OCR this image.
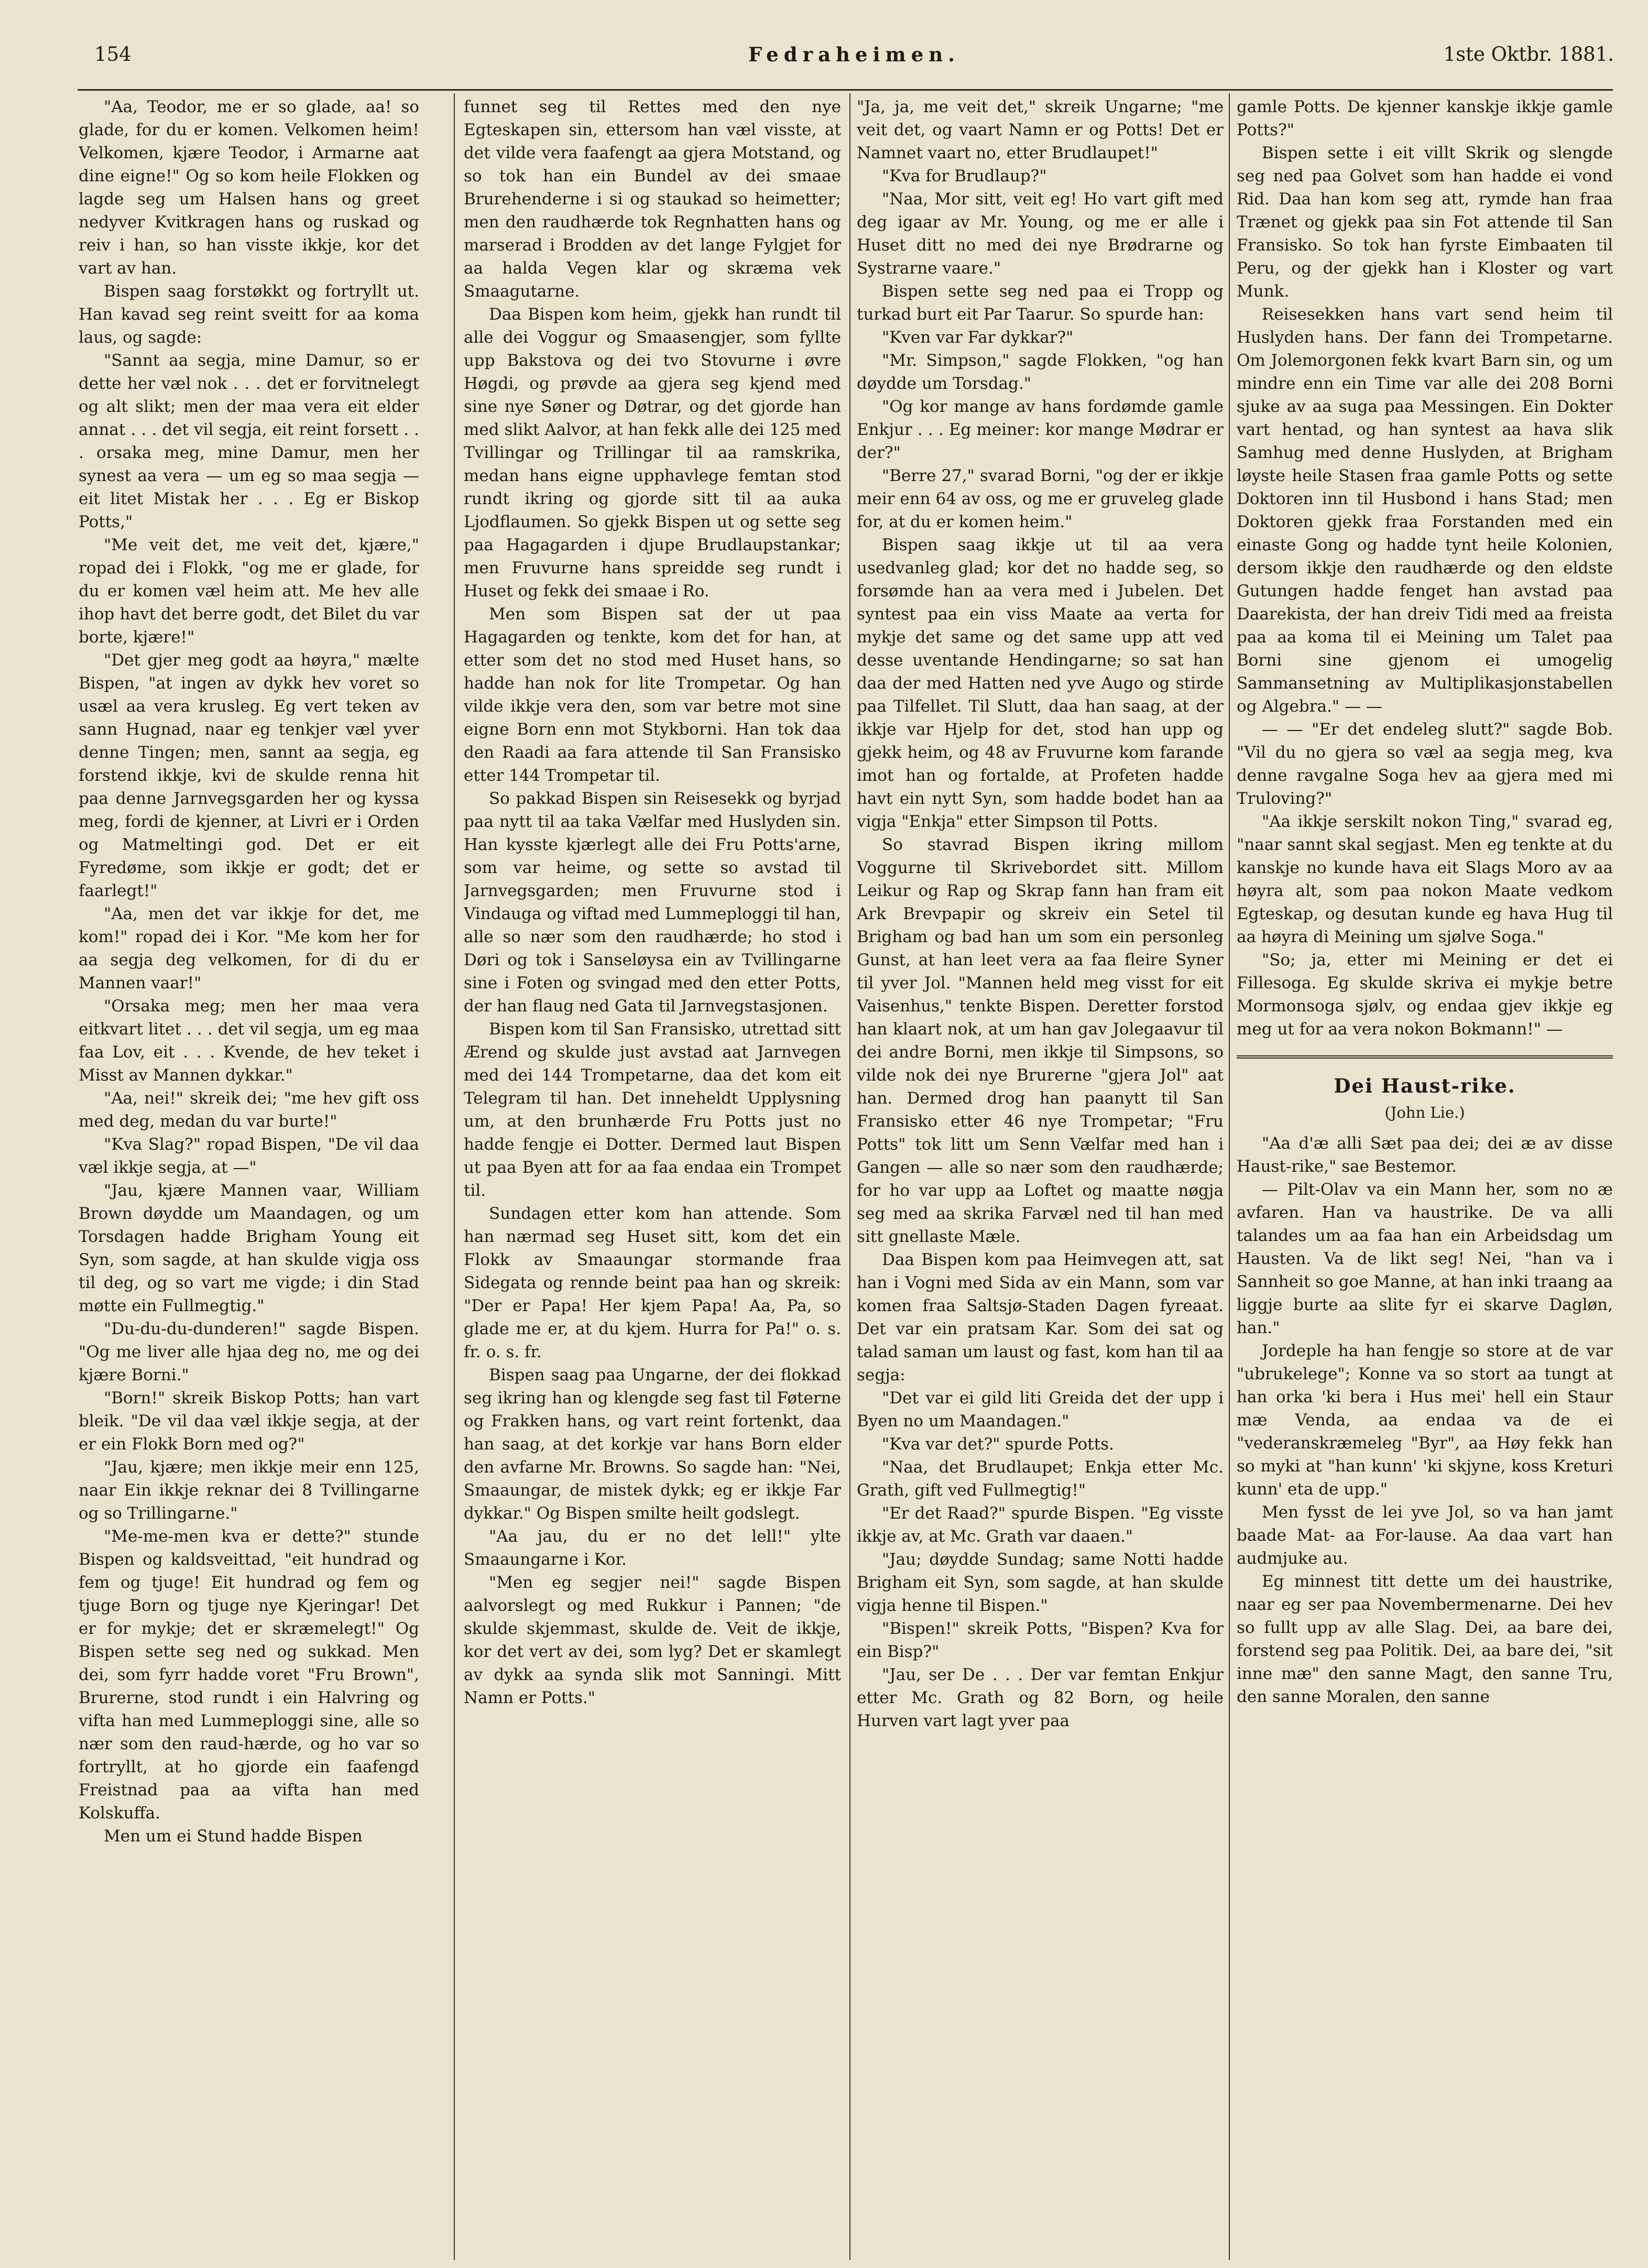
154	Fedraheimen.	1ste Oktbr. 1881.

"Aa, Teodor, me er so glade, aa! so glade, for du er komen. Velkomen heim! Velkomen, kjære Teodor, i Armarne aat dine eigne!" Og so kom heile Flokken og lagde seg um Halsen hans og greet nedyver Kvitkragen hans og ruskad og reiv i han, so han visste ikkje, kor det vart av han.

Bispen saag forstøkkt og fortryllt ut. Han kavad seg reint sveitt for aa koma laus, og sagde:

"Sannt aa segja, mine Damur, so er dette her væl nok . . . det er forvitnelegt og alt slikt; men der maa vera eit elder annat . . . det vil segja, eit reint forsett . . . orsaka meg, mine Damur, men her synest aa vera — um eg so maa segja — eit litet Mistak her . . . Eg er Biskop Potts,"

"Me veit det, me veit det, kjære," ropad dei i Flokk, "og me er glade, for du er komen væl heim att. Me hev alle ihop havt det berre godt, det Bilet du var borte, kjære!"

"Det gjer meg godt aa høyra," mælte Bispen, "at ingen av dykk hev voret so usæl aa vera krusleg. Eg vert teken av sann Hugnad, naar eg tenkjer væl yver denne Tingen; men, sannt aa segja, eg forstend ikkje, kvi de skulde renna hit paa denne Jarnvegsgarden her og kyssa meg, fordi de kjenner, at Livri er i Orden og Matmeltingi god. Det er eit Fyredøme, som ikkje er godt; det er faarlegt!"

"Aa, men det var ikkje for det, me kom!" ropad dei i Kor. "Me kom her for aa segja deg velkomen, for di du er Mannen vaar!"

"Orsaka meg; men her maa vera eitkvart litet . . . det vil segja, um eg maa faa Lov, eit . . . Kvende, de hev teket i Misst av Mannen dykkar."

"Aa, nei!" skreik dei; "me hev gift oss med deg, medan du var burte!"

"Kva Slag?" ropad Bispen, "De vil daa væl ikkje segja, at —"

"Jau, kjære Mannen vaar, William Brown døydde um Maandagen, og um Torsdagen hadde Brigham Young eit Syn, som sagde, at han skulde vigja oss til deg, og so vart me vigde; i din Stad møtte ein Fullmegtig."

"Du-du-du-dunderen!" sagde Bispen. "Og me liver alle hjaa deg no, me og dei kjære Borni."

"Born!" skreik Biskop Potts; han vart bleik. "De vil daa væl ikkje segja, at der er ein Flokk Born med og?"

"Jau, kjære; men ikkje meir enn 125, naar Ein ikkje reknar dei 8 Tvillingarne og so Trillingarne."

"Me-me-men kva er dette?" stunde Bispen og kaldsveittad, "eit hundrad og fem og tjuge! Eit hundrad og fem og tjuge Born og tjuge nye Kjeringar! Det er for mykje; det er skræmelegt!" Og Bispen sette seg ned og sukkad. Men dei, som fyrr hadde voret "Fru Brown", Brurerne, stod rundt i ein Halvring og vifta han med Lummeploggi sine, alle so nær som den raud-hærde, og ho var so fortryllt, at ho gjorde ein faafengd Freistnad paa aa vifta han med Kolskuffa.

Men um ei Stund hadde Bispen

funnet seg til Rettes med den nye Egteskapen sin, ettersom han væl visste, at det vilde vera faafengt aa gjera Motstand, og so tok han ein Bundel av dei smaae Brurehenderne i si og staukad so heimetter; men den raudhærde tok Regnhatten hans og marserad i Brodden av det lange Fylgjet for aa halda Vegen klar og skræma vek Smaagutarne.

Daa Bispen kom heim, gjekk han rundt til alle dei Voggur og Smaasengjer, som fyllte upp Bakstova og dei tvo Stovurne i øvre Høgdi, og prøvde aa gjera seg kjend med sine nye Søner og Døtrar, og det gjorde han med slikt Aalvor, at han fekk alle dei 125 med Tvillingar og Trillingar til aa ramskrika, medan hans eigne upphavlege femtan stod rundt ikring og gjorde sitt til aa auka Ljodflaumen. So gjekk Bispen ut og sette seg paa Hagagarden i djupe Brudlaupstankar; men Fruvurne hans spreidde seg rundt i Huset og fekk dei smaae i Ro.

Men som Bispen sat der ut paa Hagagarden og tenkte, kom det for han, at etter som det no stod med Huset hans, so hadde han nok for lite Trompetar. Og han vilde ikkje vera den, som var betre mot sine eigne Born enn mot Stykborni. Han tok daa den Raadi aa fara attende til San Fransisko etter 144 Trompetar til.

So pakkad Bispen sin Reisesekk og byrjad paa nytt til aa taka Vælfar med Huslyden sin. Han kysste kjærlegt alle dei Fru Potts'arne, som var heime, og sette so avstad til Jarnvegsgarden; men Fruvurne stod i Vindauga og viftad med Lummeploggi til han, alle so nær som den raudhærde; ho stod i Døri og tok i Sanseløysa ein av Tvillingarne sine i Foten og svingad med den etter Potts, der han flaug ned Gata til Jarnvegstasjonen.

Bispen kom til San Fransisko, utrettad sitt Ærend og skulde just avstad aat Jarnvegen med dei 144 Trompetarne, daa det kom eit Telegram til han. Det inneheldt Upplysning um, at den brunhærde Fru Potts just no hadde fengje ei Dotter. Dermed laut Bispen ut paa Byen att for aa faa endaa ein Trompet til.

Sundagen etter kom han attende. Som han nærmad seg Huset sitt, kom det ein Flokk av Smaaungar stormande fraa Sidegata og rennde beint paa han og skreik: "Der er Papa! Her kjem Papa! Aa, Pa, so glade me er, at du kjem. Hurra for Pa!" o. s. fr. o. s. fr.

Bispen saag paa Ungarne, der dei flokkad seg ikring han og klengde seg fast til Føterne og Frakken hans, og vart reint fortenkt, daa han saag, at det korkje var hans Born elder den avfarne Mr. Browns. So sagde han: "Nei, Smaaungar, de mistek dykk; eg er ikkje Far dykkar." Og Bispen smilte heilt godslegt.

"Aa jau, du er no det lell!" ylte Smaaungarne i Kor.

"Men eg segjer nei!" sagde Bispen aalvorslegt og med Rukkur i Pannen; "de skulde skjemmast, skulde de. Veit de ikkje, kor det vert av dei, som lyg? Det er skamlegt av dykk aa synda slik mot Sanningi. Mitt Namn er Potts."

"Ja, ja, me veit det," skreik Ungarne; "me veit det, og vaart Namn er og Potts! Det er Namnet vaart no, etter Brudlaupet!"

"Kva for Brudlaup?"

"Naa, Mor sitt, veit eg! Ho vart gift med deg igaar av Mr. Young, og me er alle i Huset ditt no med dei nye Brødrarne og Systrarne vaare."

Bispen sette seg ned paa ei Tropp og turkad burt eit Par Taarur. So spurde han:

"Kven var Far dykkar?"

"Mr. Simpson," sagde Flokken, "og han døydde um Torsdag."

"Og kor mange av hans fordømde gamle Enkjur . . . Eg meiner: kor mange Mødrar er der?"

"Berre 27," svarad Borni, "og der er ikkje meir enn 64 av oss, og me er gruveleg glade for, at du er komen heim."

Bispen saag ikkje ut til aa vera usedvanleg glad; kor det no hadde seg, so forsømde han aa vera med i Jubelen. Det syntest paa ein viss Maate aa verta for mykje det same og det same upp att ved desse uventande Hendingarne; so sat han daa der med Hatten ned yve Augo og stirde paa Tilfellet. Til Slutt, daa han saag, at der ikkje var Hjelp for det, stod han upp og gjekk heim, og 48 av Fruvurne kom farande imot han og fortalde, at Profeten hadde havt ein nytt Syn, som hadde bodet han aa vigja "Enkja" etter Simpson til Potts.

So stavrad Bispen ikring millom Voggurne til Skrivebordet sitt. Millom Leikur og Rap og Skrap fann han fram eit Ark Brevpapir og skreiv ein Setel til Brigham og bad han um som ein personleg Gunst, at han leet vera aa faa fleire Syner til yver Jol. "Mannen held meg visst for eit Vaisenhus," tenkte Bispen. Deretter forstod han klaart nok, at um han gav Jolegaavur til dei andre Borni, men ikkje til Simpsons, so vilde nok dei nye Brurerne "gjera Jol" aat han. Dermed drog han paanytt til San Fransisko etter 46 nye Trompetar; "Fru Potts" tok litt um Senn Vælfar med han i Gangen — alle so nær som den raudhærde; for ho var upp aa Loftet og maatte nøgja seg med aa skrika Farvæl ned til han med sitt gnellaste Mæle.

Daa Bispen kom paa Heimvegen att, sat han i Vogni med Sida av ein Mann, som var komen fraa Saltsjø-Staden Dagen fyreaat. Det var ein pratsam Kar. Som dei sat og talad saman um laust og fast, kom han til aa segja:

"Det var ei gild liti Greida det der upp i Byen no um Maandagen."

"Kva var det?" spurde Potts.

"Naa, det Brudlaupet; Enkja etter Mc. Grath, gift ved Fullmegtig!"

"Er det Raad?" spurde Bispen. "Eg visste ikkje av, at Mc. Grath var daaen."

"Jau; døydde Sundag; same Notti hadde Brigham eit Syn, som sagde, at han skulde vigja henne til Bispen."

"Bispen!" skreik Potts, "Bispen? Kva for ein Bisp?"

"Jau, ser De . . . Der var femtan Enkjur etter Mc. Grath og 82 Born, og heile Hurven vart lagt yver paa

gamle Potts. De kjenner kanskje ikkje gamle Potts?"

Bispen sette i eit villt Skrik og slengde seg ned paa Golvet som han hadde ei vond Rid. Daa han kom seg att, rymde han fraa Trænet og gjekk paa sin Fot attende til San Fransisko. So tok han fyrste Eimbaaten til Peru, og der gjekk han i Kloster og vart Munk.

Reisesekken hans vart send heim til Huslyden hans. Der fann dei Trompetarne. Om Jolemorgonen fekk kvart Barn sin, og um mindre enn ein Time var alle dei 208 Borni sjuke av aa suga paa Messingen. Ein Dokter vart hentad, og han syntest aa hava slik Samhug med denne Huslyden, at Brigham løyste heile Stasen fraa gamle Potts og sette Doktoren inn til Husbond i hans Stad; men Doktoren gjekk fraa Forstanden med ein einaste Gong og hadde tynt heile Kolonien, dersom ikkje den raudhærde og den eldste Gutungen hadde fenget han avstad paa Daarekista, der han dreiv Tidi med aa freista paa aa koma til ei Meining um Talet paa Borni sine gjenom ei umogelig Sammansetning av Multiplikasjonstabellen og Algebra." — —

— — "Er det endeleg slutt?" sagde Bob. "Vil du no gjera so væl aa segja meg, kva denne ravgalne Soga hev aa gjera med mi Truloving?"

"Aa ikkje serskilt nokon Ting," svarad eg, "naar sannt skal segjast. Men eg tenkte at du kanskje no kunde hava eit Slags Moro av aa høyra alt, som paa nokon Maate vedkom Egteskap, og desutan kunde eg hava Hug til aa høyra di Meining um sjølve Soga."

"So; ja, etter mi Meining er det ei Fillesoga. Eg skulde skriva ei mykje betre Mormonsoga sjølv, og endaa gjev ikkje eg meg ut for aa vera nokon Bokmann!" —

Dei Haust-rike.
(John Lie.)

"Aa d'æ alli Sæt paa dei; dei æ av disse Haust-rike," sae Bestemor.

— Pilt-Olav va ein Mann her, som no æ avfaren. Han va haustrike. De va alli talandes um aa faa han ein Arbeidsdag um Hausten. Va de likt seg! Nei, "han va i Sannheit so goe Manne, at han inki traang aa liggje burte aa slite fyr ei skarve Dagløn, han."

Jordeple ha han fengje so store at de var "ubrukelege"; Konne va so stort aa tungt at han orka 'ki bera i Hus mei' hell ein Staur mæ Venda, aa endaa va de ei "vederanskræmeleg "Byr", aa Høy fekk han so myki at "han kunn' 'ki skjyne, koss Kreturi kunn' eta de upp."

Men fysst de lei yve Jol, so va han jamt baade Mat- aa For-lause. Aa daa vart han audmjuke au.

Eg minnest titt dette um dei haustrike, naar eg ser paa Novembermenarne. Dei hev so fullt upp av alle Slag. Dei, aa bare dei, forstend seg paa Politik. Dei, aa bare dei, "sit inne mæ" den sanne Magt, den sanne Tru, den sanne Moralen, den sanne
